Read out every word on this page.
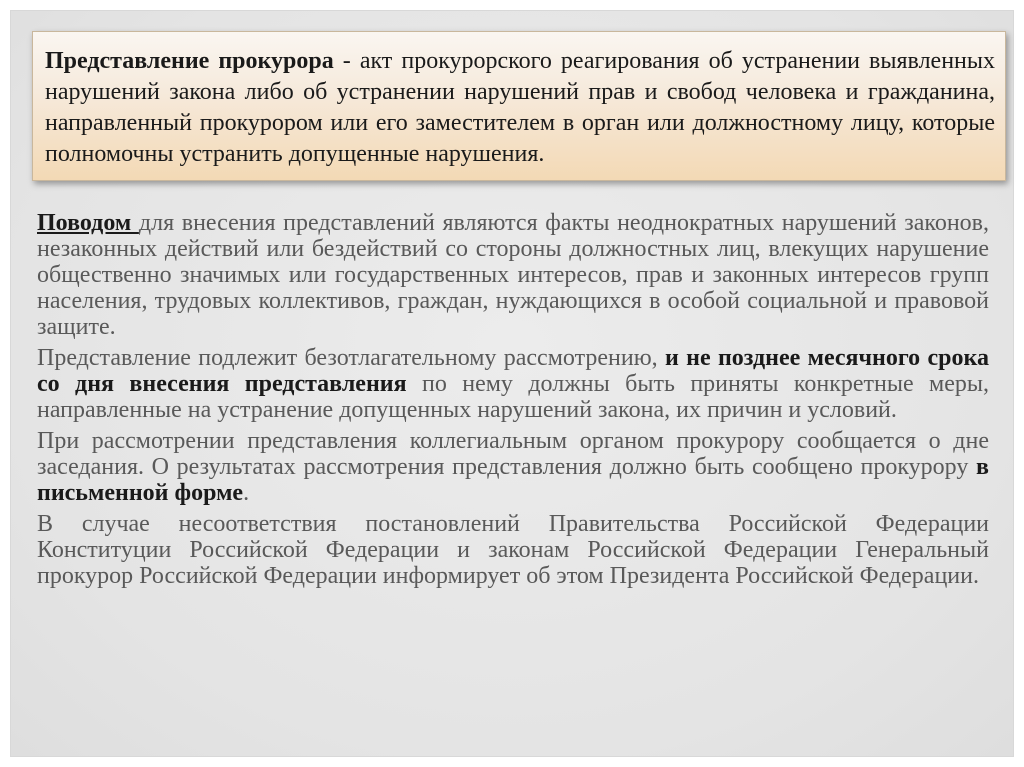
Представление прокурора - акт прокурорского реагирования об устранении выявленных нарушений закона либо об устранении нарушений прав и свобод человека и гражданина, направленный прокурором или его заместителем в орган или должностному лицу, которые полномочны устранить допущенные нарушения.

Поводом для внесения представлений являются факты неоднократных нарушений законов, незаконных действий или бездействий со стороны должностных лиц, влекущих нарушение общественно значимых или государственных интересов, прав и законных интересов групп населения, трудовых коллективов, граждан, нуждающихся в особой социальной и правовой защите.

Представление подлежит безотлагательному рассмотрению, и не позднее месячного срока со дня внесения представления по нему должны быть приняты конкретные меры, направленные на устранение допущенных нарушений закона, их причин и условий.

При рассмотрении представления коллегиальным органом прокурору сообщается о дне заседания. О результатах рассмотрения представления должно быть сообщено прокурору в письменной форме.

В случае несоответствия постановлений Правительства Российской Федерации Конституции Российской Федерации и законам Российской Федерации Генеральный прокурор Российской Федерации информирует об этом Президента Российской Федерации.
